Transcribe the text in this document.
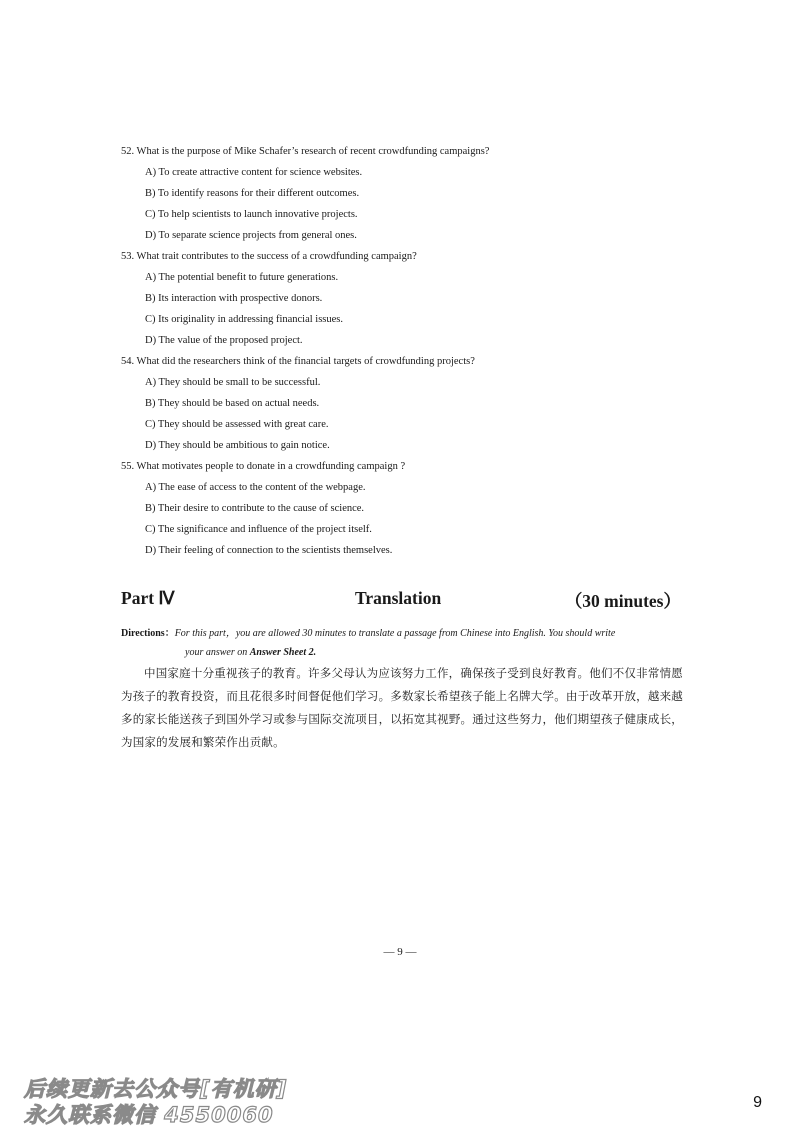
52. What is the purpose of Mike Schafer’s research of recent crowdfunding campaigns?
A) To create attractive content for science websites.
B) To identify reasons for their different outcomes.
C) To help scientists to launch innovative projects.
D) To separate science projects from general ones.
53. What trait contributes to the success of a crowdfunding campaign?
A) The potential benefit to future generations.
B) Its interaction with prospective donors.
C) Its originality in addressing financial issues.
D) The value of the proposed project.
54. What did the researchers think of the financial targets of crowdfunding projects?
A) They should be small to be successful.
B) They should be based on actual needs.
C) They should be assessed with great care.
D) They should be ambitious to gain notice.
55. What motivates people to donate in a crowdfunding campaign ?
A) The ease of access to the content of the webpage.
B) Their desire to contribute to the cause of science.
C) The significance and influence of the project itself.
D) Their feeling of connection to the scientists themselves.
Part Ⅳ	Translation	（30 minutes）
Directions：For this part，you are allowed 30 minutes to translate a passage from Chinese into English. You should write
your answer on Answer Sheet 2.
中国家庭十分重视孩子的教育。许多父母认为应该努力工作，确保孩子受到良好教育。他们不仅非常情愿为孩子的教育投资，而且花很多时间督促他们学习。多数家长希望孩子能上名牌大学。由于改革开放，越来越多的家长能送孩子到国外学习或参与国际交流项目，以拓宽其视野。通过这些努力，他们期望孩子健康成长，为国家的发展和繁荣作出贡献。
— 9 —
后续更新去公众号[有机研]
永久联系微信 4550060
9
